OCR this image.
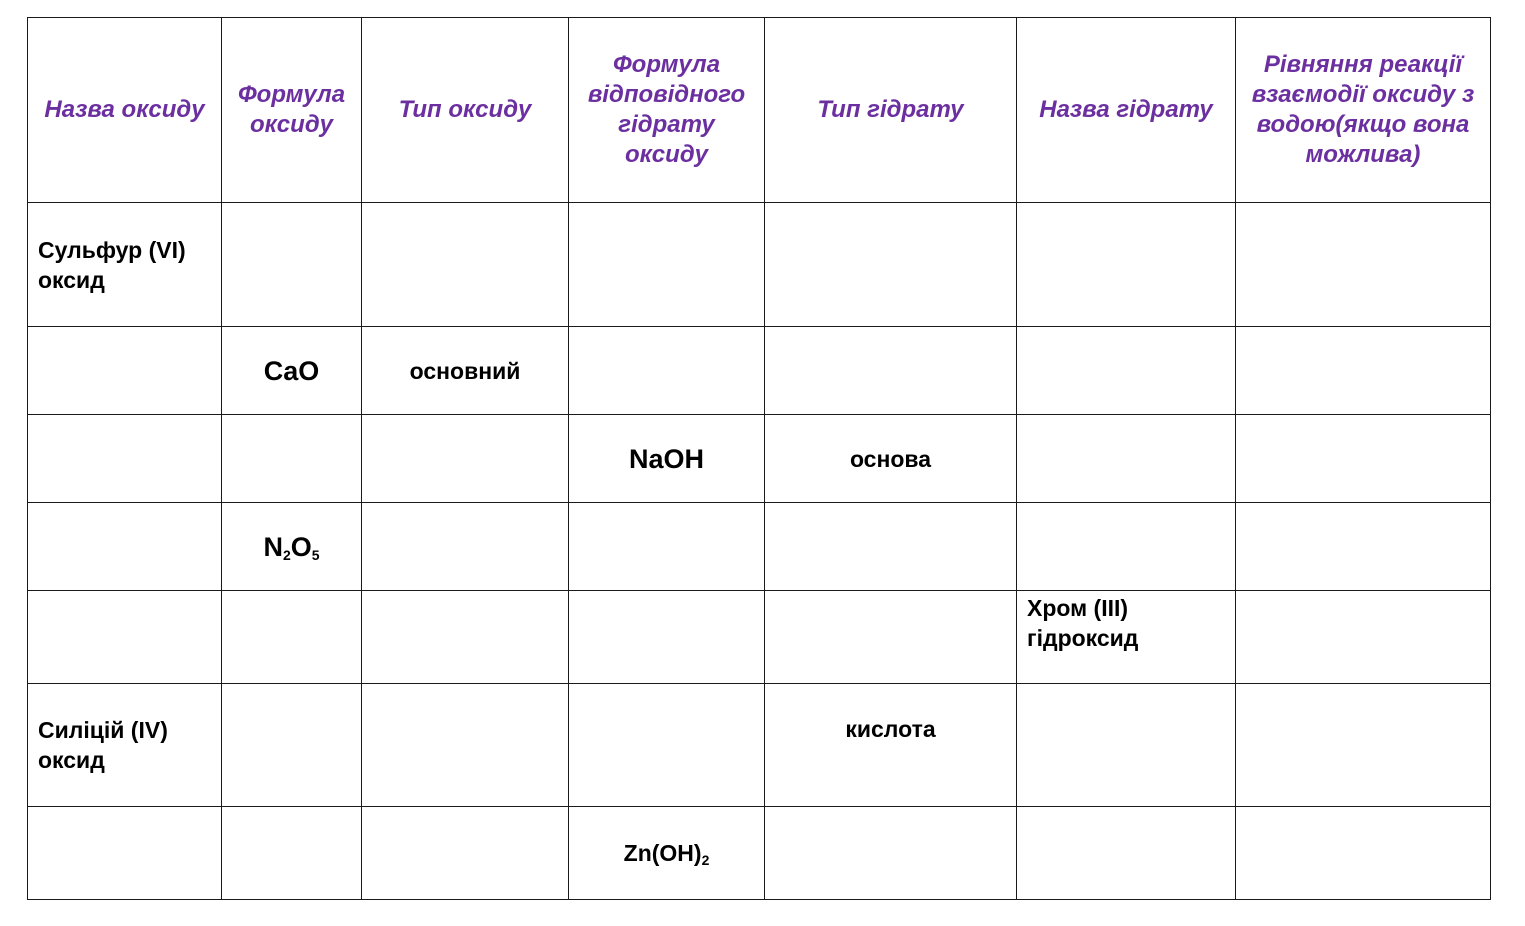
Назва оксиду	Формула оксиду	Тип оксиду	Формула відповідного гідрату оксиду	Тип гідрату	Назва гідрату	Рівняння реакції взаємодії оксиду з водою(якщо вона можлива)
Сульфур (VI) оксид						
	CaO	основний				
			NaOH	основа		
	$N_2O_5$					
					Хром (III) гідроксид	
Силіцій (IV) оксид				кислота		
			$Zn(OH)_2$			
